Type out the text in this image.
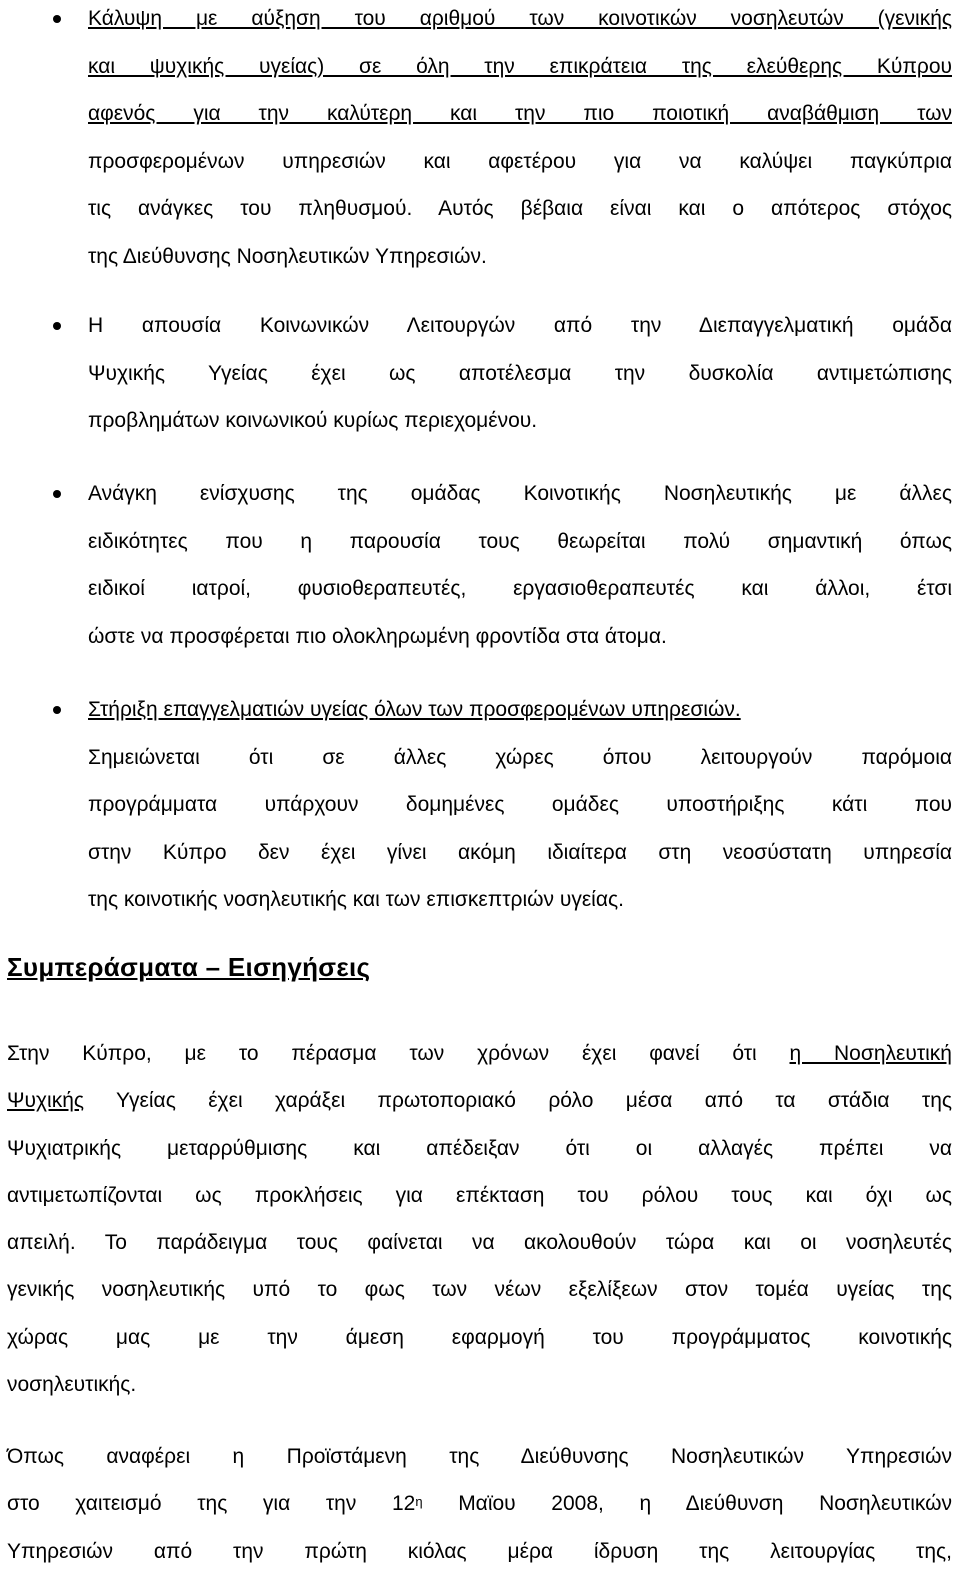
Κάλυψη με αύξηση του αριθμού των κοινοτικών νοσηλευτών (γενικής
και ψυχικής υγείας) σε όλη την επικράτεια της ελεύθερης Κύπρου
αφενός για την καλύτερη και την πιο ποιοτική αναβάθμιση των
προσφερομένων υπηρεσιών και αφετέρου για να καλύψει παγκύπρια
τις ανάγκες του πληθυσμού. Αυτός βέβαια είναι και ο απότερος στόχος
της Διεύθυνσης Νοσηλευτικών Υπηρεσιών.
Η απουσία Κοινωνικών Λειτουργών από την Διεπαγγελματική ομάδα
Ψυχικής Υγείας έχει ως αποτέλεσμα την δυσκολία αντιμετώπισης
προβλημάτων κοινωνικού κυρίως περιεχομένου.
Ανάγκη ενίσχυσης της ομάδας Κοινοτικής Νοσηλευτικής με άλλες
ειδικότητες που η παρουσία τους θεωρείται πολύ σημαντική όπως
ειδικοί ιατροί, φυσιοθεραπευτές, εργασιοθεραπευτές και άλλοι, έτσι
ώστε να προσφέρεται πιο ολοκληρωμένη φροντίδα στα άτομα.
Στήριξη επαγγελματιών υγείας όλων των προσφερομένων υπηρεσιών.
Σημειώνεται ότι σε άλλες χώρες όπου λειτουργούν παρόμοια
προγράμματα υπάρχουν δομημένες ομάδες υποστήριξης κάτι που
στην Κύπρο δεν έχει γίνει ακόμη ιδιαίτερα στη νεοσύστατη υπηρεσία
της κοινοτικής νοσηλευτικής και των επισκεπτριών υγείας.
Συμπεράσματα – Εισηγήσεις
Στην Κύπρο, με το πέρασμα των χρόνων έχει φανεί ότι η Νοσηλευτική
Ψυχικής Υγείας έχει χαράξει πρωτοποριακό ρόλο μέσα από τα στάδια της
Ψυχιατρικής μεταρρύθμισης και απέδειξαν ότι οι αλλαγές πρέπει να
αντιμετωπίζονται ως προκλήσεις για επέκταση του ρόλου τους και όχι ως
απειλή. Το παράδειγμα τους φαίνεται να ακολουθούν τώρα και οι νοσηλευτές
γενικής νοσηλευτικής υπό το φως των νέων εξελίξεων στον τομέα υγείας της
χώρας μας με την άμεση εφαρμογή του προγράμματος κοινοτικής
νοσηλευτικής.
Όπως αναφέρει η Προϊστάμενη της Διεύθυνσης Νοσηλευτικών Υπηρεσιών
στο χαιτεισμό της για την $12^\eta$ Μαϊου 2008, η Διεύθυνση Νοσηλευτικών
Υπηρεσιών από την πρώτη κιόλας μέρα ίδρυση της λειτουργίας της,
